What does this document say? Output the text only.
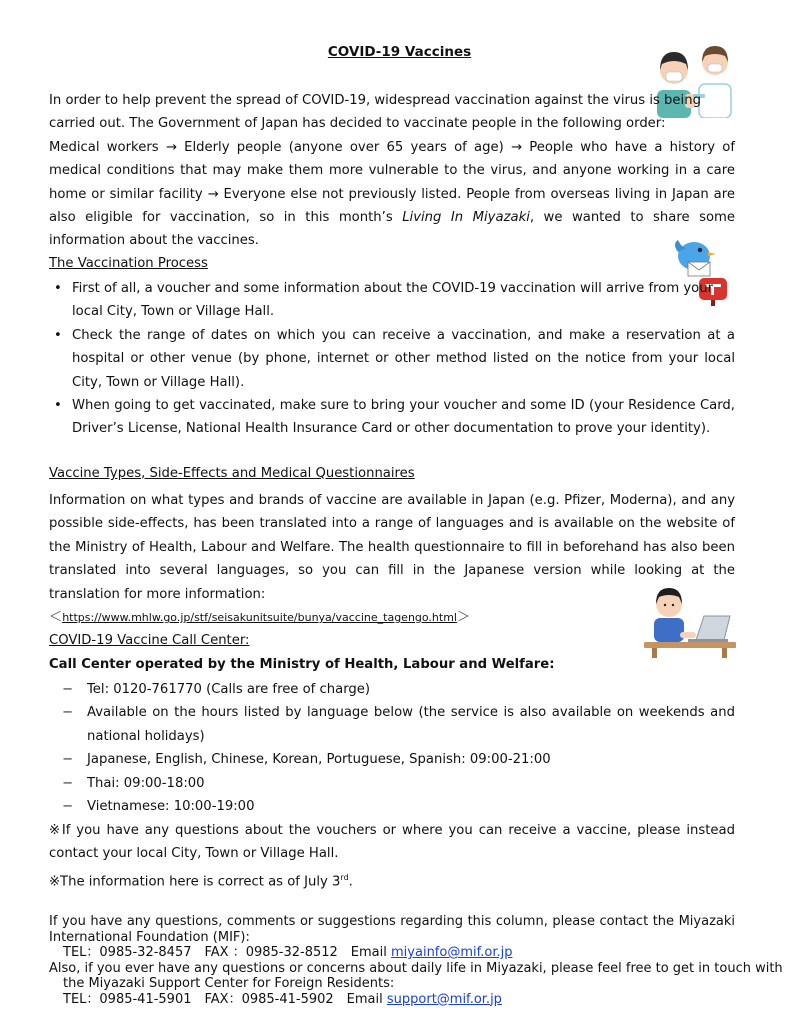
COVID-19 Vaccines
In order to help prevent the spread of COVID-19, widespread vaccination against the virus is being
carried out. The Government of Japan has decided to vaccinate people in the following order:
Medical workers → Elderly people (anyone over 65 years of age) → People who have a history of medical conditions that may make them more vulnerable to the virus, and anyone working in a care home or similar facility → Everyone else not previously listed. People from overseas living in Japan are also eligible for vaccination, so in this month’s Living In Miyazaki, we wanted to share some information about the vaccines.
The Vaccination Process
• First of all, a voucher and some information about the COVID-19 vaccination will arrive from your
local City, Town or Village Hall.
• Check the range of dates on which you can receive a vaccination, and make a reservation at a hospital or other venue (by phone, internet or other method listed on the notice from your local City, Town or Village Hall).
• When going to get vaccinated, make sure to bring your voucher and some ID (your Residence Card, Driver’s License, National Health Insurance Card or other documentation to prove your identity).
Vaccine Types, Side-Effects and Medical Questionnaires
Information on what types and brands of vaccine are available in Japan (e.g. Pfizer, Moderna), and any possible side-effects, has been translated into a range of languages and is available on the website of the Ministry of Health, Labour and Welfare. The health questionnaire to fill in beforehand has also been translated into several languages, so you can fill in the Japanese version while looking at the translation for more information:
＜https://www.mhlw.go.jp/stf/seisakunitsuite/bunya/vaccine_tagengo.html＞
COVID-19 Vaccine Call Center:
Call Center operated by the Ministry of Health, Labour and Welfare:
− Tel: 0120-761770 (Calls are free of charge)
− Available on the hours listed by language below (the service is also available on weekends and national holidays)
− Japanese, English, Chinese, Korean, Portuguese, Spanish: 09:00-21:00
− Thai: 09:00-18:00
− Vietnamese: 10:00-19:00
※If you have any questions about the vouchers or where you can receive a vaccine, please instead contact your local City, Town or Village Hall.
※The information here is correct as of July 3rd.
If you have any questions, comments or suggestions regarding this column, please contact the Miyazaki International Foundation (MIF):
TEL：0985-32-8457　FAX ：0985-32-8512　Email miyainfo@mif.or.jp
Also, if you ever have any questions or concerns about daily life in Miyazaki, please feel free to get in touch with
the Miyazaki Support Center for Foreign Residents:
TEL：0985-41-5901　FAX：0985-41-5902　Email support@mif.or.jp
